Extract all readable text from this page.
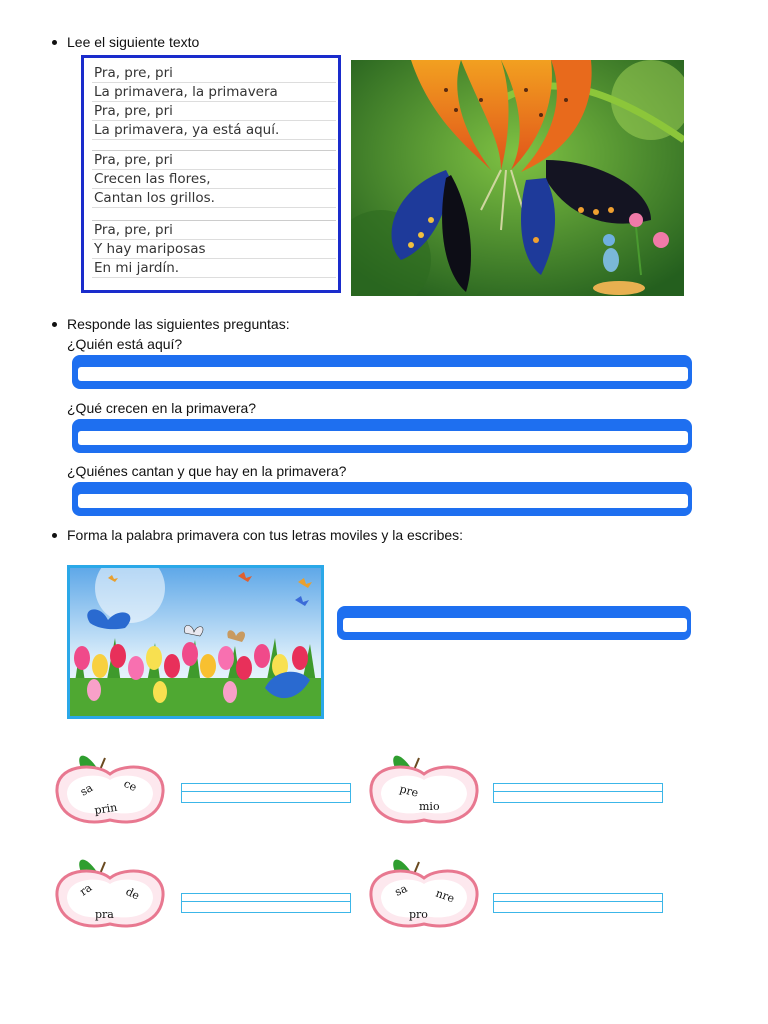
Lee el siguiente texto
Pra, pre, pri
La primavera, la primavera
Pra, pre, pri
La primavera, ya está aquí.
Pra, pre, pri
Crecen las flores,
Cantan los grillos.
Pra, pre, pri
Y hay mariposas
En mi jardín.
Responde las siguientes preguntas:
¿Quién está aquí?
¿Qué crecen en la primavera?
¿Quiénes cantan y que hay en la primavera?
Forma la palabra primavera con tus letras moviles y la escribes:
sa ce
prin
pre
mio
ra	de
pra
sa nre
pro
